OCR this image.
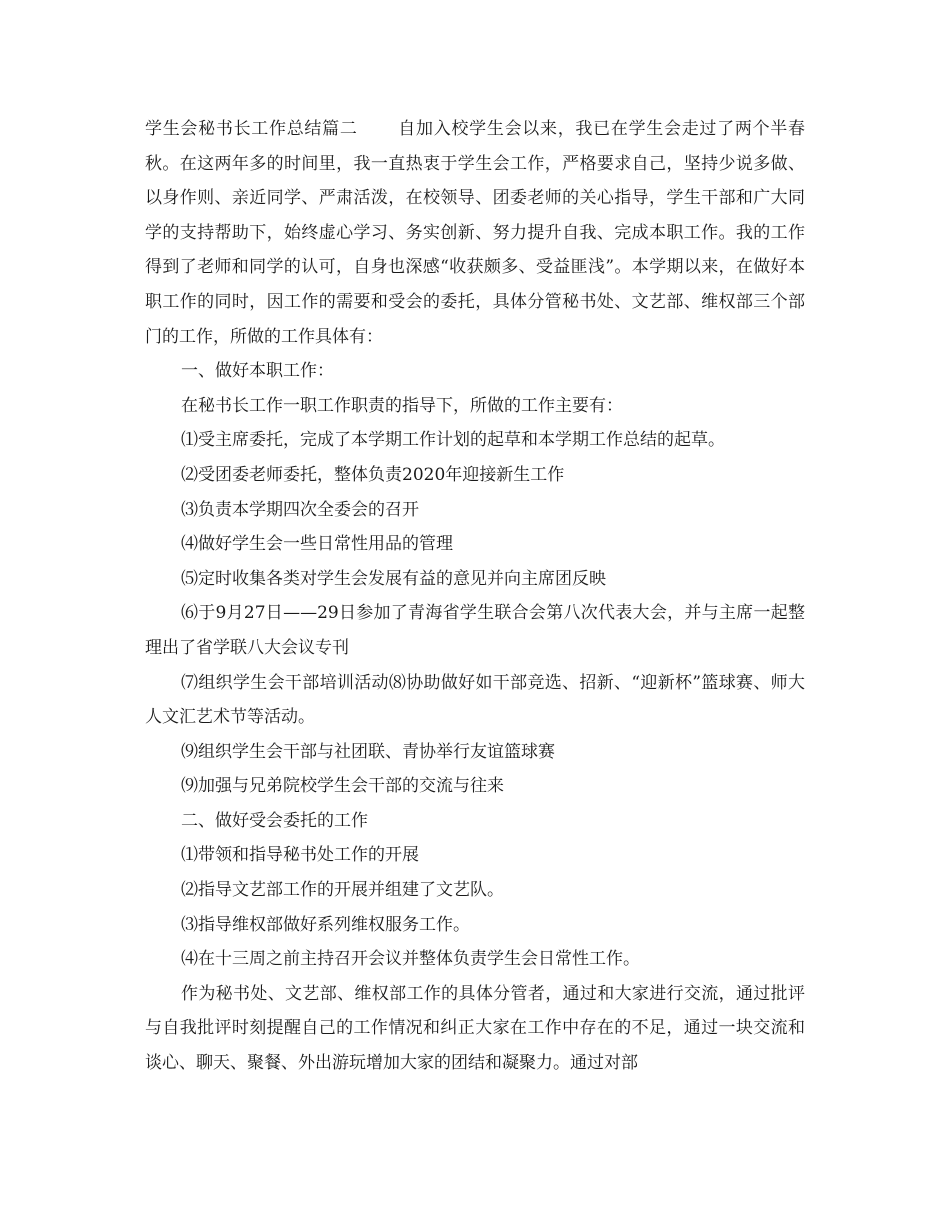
学生会秘书长工作总结篇二 自加入校学生会以来，我已在学生会走过了两个半春秋。在这两年多的时间里，我一直热衷于学生会工作，严格要求自己，坚持少说多做、以身作则、亲近同学、严肃活泼，在校领导、团委老师的关心指导，学生干部和广大同学的支持帮助下，始终虚心学习、务实创新、努力提升自我、完成本职工作。我的工作得到了老师和同学的认可，自身也深感“收获颇多、受益匪浅”。本学期以来，在做好本职工作的同时，因工作的需要和受会的委托，具体分管秘书处、文艺部、维权部三个部门的工作，所做的工作具体有：

一、做好本职工作：

在秘书长工作一职工作职责的指导下，所做的工作主要有：

⑴受主席委托，完成了本学期工作计划的起草和本学期工作总结的起草。

⑵受团委老师委托，整体负责2020年迎接新生工作

⑶负责本学期四次全委会的召开

⑷做好学生会一些日常性用品的管理

⑸定时收集各类对学生会发展有益的意见并向主席团反映

⑹于9月27日——29日参加了青海省学生联合会第八次代表大会，并与主席一起整理出了省学联八大会议专刊

⑺组织学生会干部培训活动⑻协助做好如干部竞选、招新、“迎新杯”篮球赛、师大人文汇艺术节等活动。

⑼组织学生会干部与社团联、青协举行友谊篮球赛

⑼加强与兄弟院校学生会干部的交流与往来

二、做好受会委托的工作

⑴带领和指导秘书处工作的开展

⑵指导文艺部工作的开展并组建了文艺队。

⑶指导维权部做好系列维权服务工作。

⑷在十三周之前主持召开会议并整体负责学生会日常性工作。

作为秘书处、文艺部、维权部工作的具体分管者，通过和大家进行交流，通过批评与自我批评时刻提醒自己的工作情况和纠正大家在工作中存在的不足，通过一块交流和谈心、聊天、聚餐、外出游玩增加大家的团结和凝聚力。通过对部
